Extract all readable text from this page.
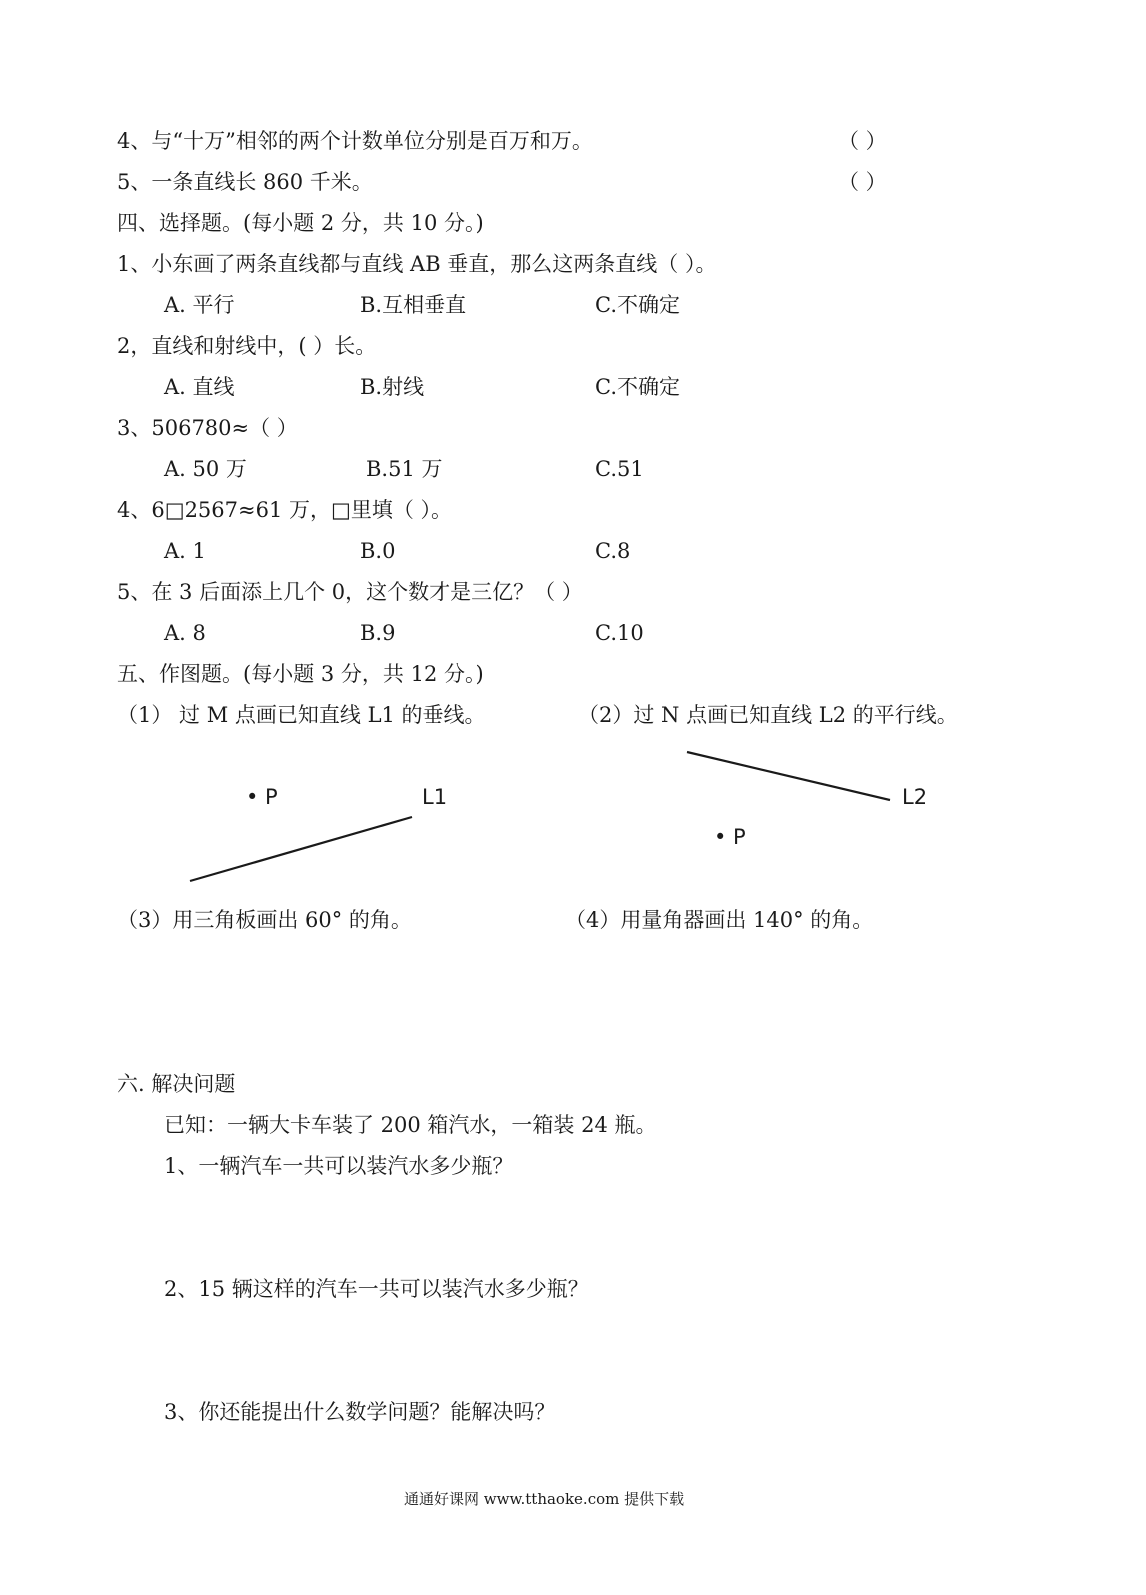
4、与“十万”相邻的两个计数单位分别是百万和万。	（ ）
5、一条直线长 860 千米。	（ ）
四、选择题。(每小题 2 分，共 10 分。)
1、小东画了两条直线都与直线 AB 垂直，那么这两条直线（ ）。
A. 平行	B.互相垂直	C.不确定
2，直线和射线中，( ）长。
A. 直线	B.射线	C.不确定
3、506780≈（ ）
A. 50 万	B.51 万	C.51
4、6□2567≈61 万，□里填（ ）。
A. 1	B.0	C.8
5、在 3 后面添上几个 0，这个数才是三亿？（ ）
A. 8	B.9	C.10
五、作图题。(每小题 3 分，共 12 分。)
（1） 过 M 点画已知直线 L1 的垂线。	（2）过 N 点画已知直线 L2 的平行线。
• P	L1	L2
• P
（3）用三角板画出 60° 的角。	（4）用量角器画出 140° 的角。
六. 解决问题
已知：一辆大卡车装了 200 箱汽水，一箱装 24 瓶。
1、一辆汽车一共可以装汽水多少瓶？
2、15 辆这样的汽车一共可以装汽水多少瓶？
3、你还能提出什么数学问题？能解决吗？
通通好课网 www.tthaoke.com 提供下载
